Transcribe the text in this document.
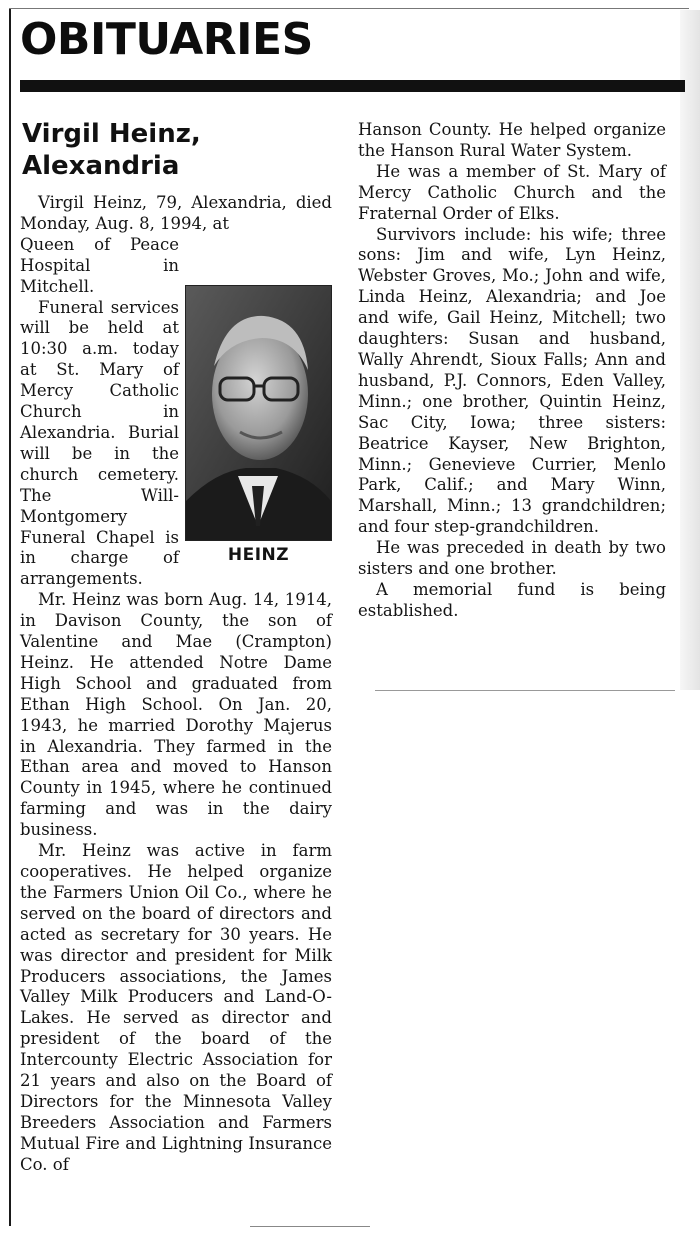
OBITUARIES
Virgil Heinz,
Alexandria

Virgil Heinz, 79, Alexandria, died Monday, Aug. 8, 1994, at

HEINZ

Queen of Peace Hospital in Mitchell.

Funeral services will be held at 10:30 a.m. today at St. Mary of Mercy Catholic Church in Alexandria. Burial will be in the church cemetery. The Will-Montgomery Funeral Chapel is in charge of arrangements.

Mr. Heinz was born Aug. 14, 1914, in Davison County, the son of Valentine and Mae (Crampton) Heinz. He attended Notre Dame High School and graduated from Ethan High School. On Jan. 20, 1943, he married Dorothy Majerus in Alexandria. They farmed in the Ethan area and moved to Hanson County in 1945, where he continued farming and was in the dairy business.

Mr. Heinz was active in farm cooperatives. He helped organize the Farmers Union Oil Co., where he served on the board of directors and acted as secretary for 30 years. He was director and president for Milk Producers associations, the James Valley Milk Producers and Land-O-Lakes. He served as director and president of the board of the Intercounty Electric Association for 21 years and also on the Board of Directors for the Minnesota Valley Breeders Association and Farmers Mutual Fire and Lightning Insurance Co. of

Hanson County. He helped organize the Hanson Rural Water System.

He was a member of St. Mary of Mercy Catholic Church and the Fraternal Order of Elks.

Survivors include: his wife; three sons: Jim and wife, Lyn Heinz, Webster Groves, Mo.; John and wife, Linda Heinz, Alexandria; and Joe and wife, Gail Heinz, Mitchell; two daughters: Susan and husband, Wally Ahrendt, Sioux Falls; Ann and husband, P.J. Connors, Eden Valley, Minn.; one brother, Quintin Heinz, Sac City, Iowa; three sisters: Beatrice Kayser, New Brighton, Minn.; Genevieve Currier, Menlo Park, Calif.; and Mary Winn, Marshall, Minn.; 13 grandchildren; and four step-grandchildren.

He was preceded in death by two sisters and one brother.

A memorial fund is being established.
